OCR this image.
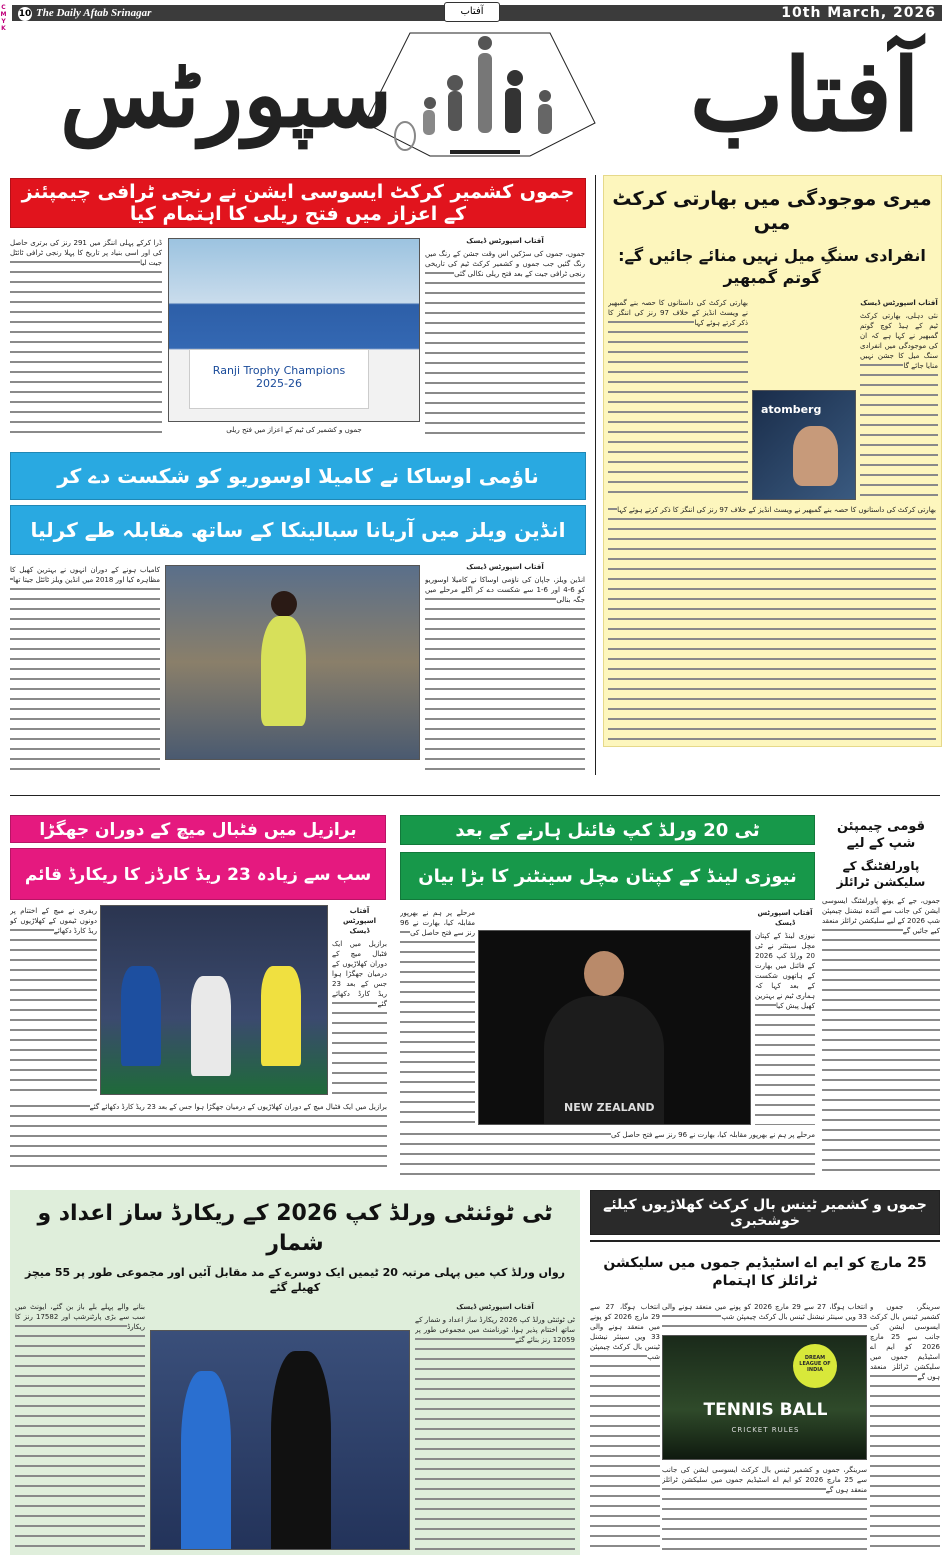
CMYK 10 The Daily Aftab Srinagar	10th March, 2026
آفتاب
آفتاب
سپورٹس
جموں کشمیر کرکٹ ایسوسی ایشن نے رنجی ٹرافی چیمپئنز کے اعزاز میں فتح ریلی کا اہتمام کیا
آفتاب اسپورٹس ڈیسک
جموں، جموں کی سڑکیں اس وقت جشن کے رنگ میں رنگ گئیں جب جموں و کشمیر کرکٹ ٹیم کی تاریخی رنجی ٹرافی جیت کے بعد فتح ریلی نکالی گئی
ڈرا کرکے پہلی اننگز میں 291 رنز کی برتری حاصل کی اور اسی بنیاد پر تاریخ کا پہلا رنجی ٹرافی ٹائٹل جیت لیا
Ranji Trophy Champions
2025-26
جموں و کشمیر کی ٹیم کے اعزاز میں فتح ریلی
میری موجودگی میں بھارتی کرکٹ میں
انفرادی سنگِ میل نہیں منائے جائیں گے: گوتم گمبھیر
آفتاب اسپورٹس ڈیسک
نئی دہلی، بھارتی کرکٹ ٹیم کے ہیڈ کوچ گوتم گمبھیر نے کہا ہے کہ ان کی موجودگی میں انفرادی سنگ میل کا جشن نہیں منایا جائے گا
بھارتی کرکٹ کی داستانوں کا حصہ بنے گمبھیر نے ویسٹ انڈیز کے خلاف 97 رنز کی اننگز کا ذکر کرتے ہوئے کہا
atomberg
بھارتی کرکٹ کی داستانوں کا حصہ بنے گمبھیر نے ویسٹ انڈیز کے خلاف 97 رنز کی اننگز کا ذکر کرتے ہوئے کہا
ناؤمی اوساکا نے کامیلا اوسوریو کو شکست دے کر
انڈین ویلز میں آریانا سبالینکا کے ساتھ مقابلہ طے کرلیا
آفتاب اسپورٹس ڈیسک
انڈین ویلز، جاپان کی ناؤمی اوساکا نے کامیلا اوسوریو کو 6-4 اور 6-1 سے شکست دے کر اگلے مرحلے میں جگہ بنالی
کامیاب ہونے کے دوران انہوں نے بہترین کھیل کا مظاہرہ کیا اور 2018 میں انڈین ویلز ٹائٹل جیتا تھا
برازیل میں فٹبال میچ کے دوران جھگڑا
سب سے زیادہ 23 ریڈ کارڈز کا ریکارڈ قائم
آفتاب اسپورٹس ڈیسک
برازیل میں ایک فٹبال میچ کے دوران کھلاڑیوں کے درمیان جھگڑا ہوا جس کے بعد 23 ریڈ کارڈ دکھائے گئے
ریفری نے میچ کے اختتام پر دونوں ٹیموں کے کھلاڑیوں کو ریڈ کارڈ دکھائے
برازیل میں ایک فٹبال میچ کے دوران کھلاڑیوں کے درمیان جھگڑا ہوا جس کے بعد 23 ریڈ کارڈ دکھائے گئے
ٹی 20 ورلڈ کپ فائنل ہارنے کے بعد
نیوزی لینڈ کے کپتان مچل سینٹنر کا بڑا بیان
آفتاب اسپورٹس ڈیسک
نیوزی لینڈ کے کپتان مچل سینٹنر نے ٹی 20 ورلڈ کپ 2026 کے فائنل میں بھارت کے ہاتھوں شکست کے بعد کہا کہ ہماری ٹیم نے بہترین کھیل پیش کیا
مرحلے پر ہم نے بھرپور مقابلہ کیا، بھارت نے 96 رنز سے فتح حاصل کی
NEW ZEALAND
مرحلے پر ہم نے بھرپور مقابلہ کیا، بھارت نے 96 رنز سے فتح حاصل کی
قومی چیمپئن شپ کے لیے
پاورلفٹنگ کے سلیکشن ٹرائلز
جموں، جے کے یوتھ پاورلفٹنگ ایسوسی ایشن کی جانب سے آئندہ نیشنل چیمپئن شپ 2026 کے لیے سلیکشن ٹرائلز منعقد کیے جائیں گے
ٹی ٹوئنٹی ورلڈ کپ 2026 کے ریکارڈ ساز اعداد و شمار
رواں ورلڈ کپ میں پہلی مرتبہ 20 ٹیمیں ایک دوسرے کے مد مقابل آئیں اور مجموعی طور پر 55 میچز کھیلے گئے
آفتاب اسپورٹس ڈیسک
ٹی ٹوئنٹی ورلڈ کپ 2026 ریکارڈ ساز اعداد و شمار کے ساتھ اختتام پذیر ہوا، ٹورنامنٹ میں مجموعی طور پر 12059 رنز بنائے گئے
بنانے والے پہلے بلے باز بن گئے، ایونٹ میں سب سے بڑی پارٹنرشپ اور 17582 رنز کا ریکارڈ
جموں و کشمیر ٹینس بال کرکٹ کھلاڑیوں کیلئے خوشخبری
25 مارچ کو ایم اے اسٹیڈیم جموں میں سلیکشن ٹرائلز کا اہتمام
سرینگر، جموں و کشمیر ٹینس بال کرکٹ ایسوسی ایشن کی جانب سے 25 مارچ 2026 کو ایم اے اسٹیڈیم جموں میں سلیکشن ٹرائلز منعقد ہوں گے
انتخاب ہوگا، 27 سے 29 مارچ 2026 کو پونے میں منعقد ہونے والی 33 ویں سینئر نیشنل ٹینس بال کرکٹ چیمپئن شپ
انتخاب ہوگا، 27 سے 29 مارچ 2026 کو پونے میں منعقد ہونے والی 33 ویں سینئر نیشنل ٹینس بال کرکٹ چیمپئن شپ
DREAM LEAGUE OF INDIA
TENNIS BALL
CRICKET RULES
سرینگر، جموں و کشمیر ٹینس بال کرکٹ ایسوسی ایشن کی جانب سے 25 مارچ 2026 کو ایم اے اسٹیڈیم جموں میں سلیکشن ٹرائلز منعقد ہوں گے
